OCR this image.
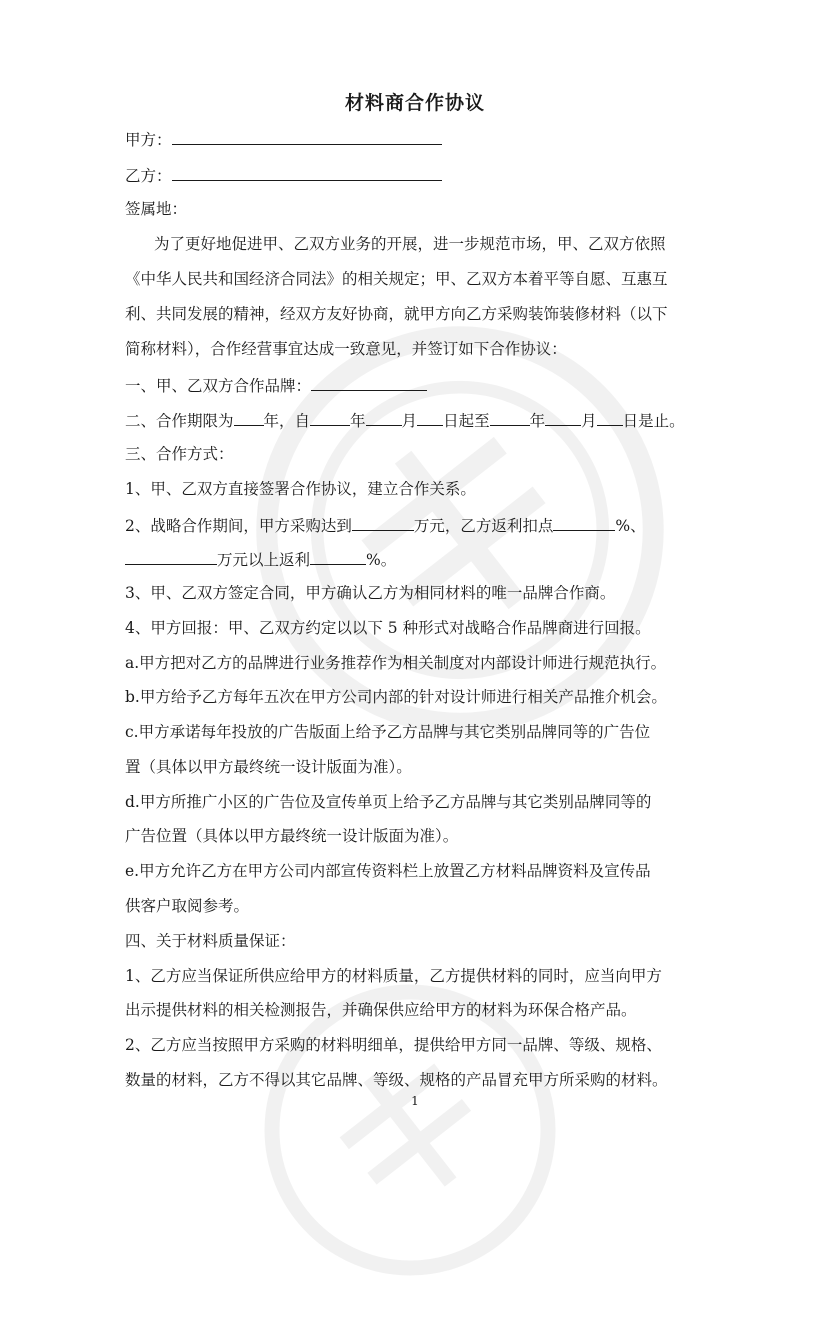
材料商合作协议
甲方：
乙方：
签属地：
为了更好地促进甲、乙双方业务的开展，进一步规范市场，甲、乙双方依照
《中华人民共和国经济合同法》的相关规定；甲、乙双方本着平等自愿、互惠互
利、共同发展的精神，经双方友好协商，就甲方向乙方采购装饰装修材料（以下
简称材料），合作经营事宜达成一致意见，并签订如下合作协议：
一、甲、乙双方合作品牌：
二、合作期限为 年，自	年 月 日起至	年 月 日是止。
三、合作方式：
1、甲、乙双方直接签署合作协议，建立合作关系。
2、战略合作期间，甲方采购达到	万元，乙方返利扣点	%、
万元以上返利	%。
3、甲、乙双方签定合同，甲方确认乙方为相同材料的唯一品牌合作商。
4、甲方回报：甲、乙双方约定以以下 5 种形式对战略合作品牌商进行回报。
a.甲方把对乙方的品牌进行业务推荐作为相关制度对内部设计师进行规范执行。
b.甲方给予乙方每年五次在甲方公司内部的针对设计师进行相关产品推介机会。
c.甲方承诺每年投放的广告版面上给予乙方品牌与其它类别品牌同等的广告位
置（具体以甲方最终统一设计版面为准）。
d.甲方所推广小区的广告位及宣传单页上给予乙方品牌与其它类别品牌同等的
广告位置（具体以甲方最终统一设计版面为准）。
e.甲方允许乙方在甲方公司内部宣传资料栏上放置乙方材料品牌资料及宣传品
供客户取阅参考。
四、关于材料质量保证：
1、乙方应当保证所供应给甲方的材料质量，乙方提供材料的同时，应当向甲方
出示提供材料的相关检测报告，并确保供应给甲方的材料为环保合格产品。
2、乙方应当按照甲方采购的材料明细单，提供给甲方同一品牌、等级、规格、
数量的材料，乙方不得以其它品牌、等级、规格的产品冒充甲方所采购的材料。
1
